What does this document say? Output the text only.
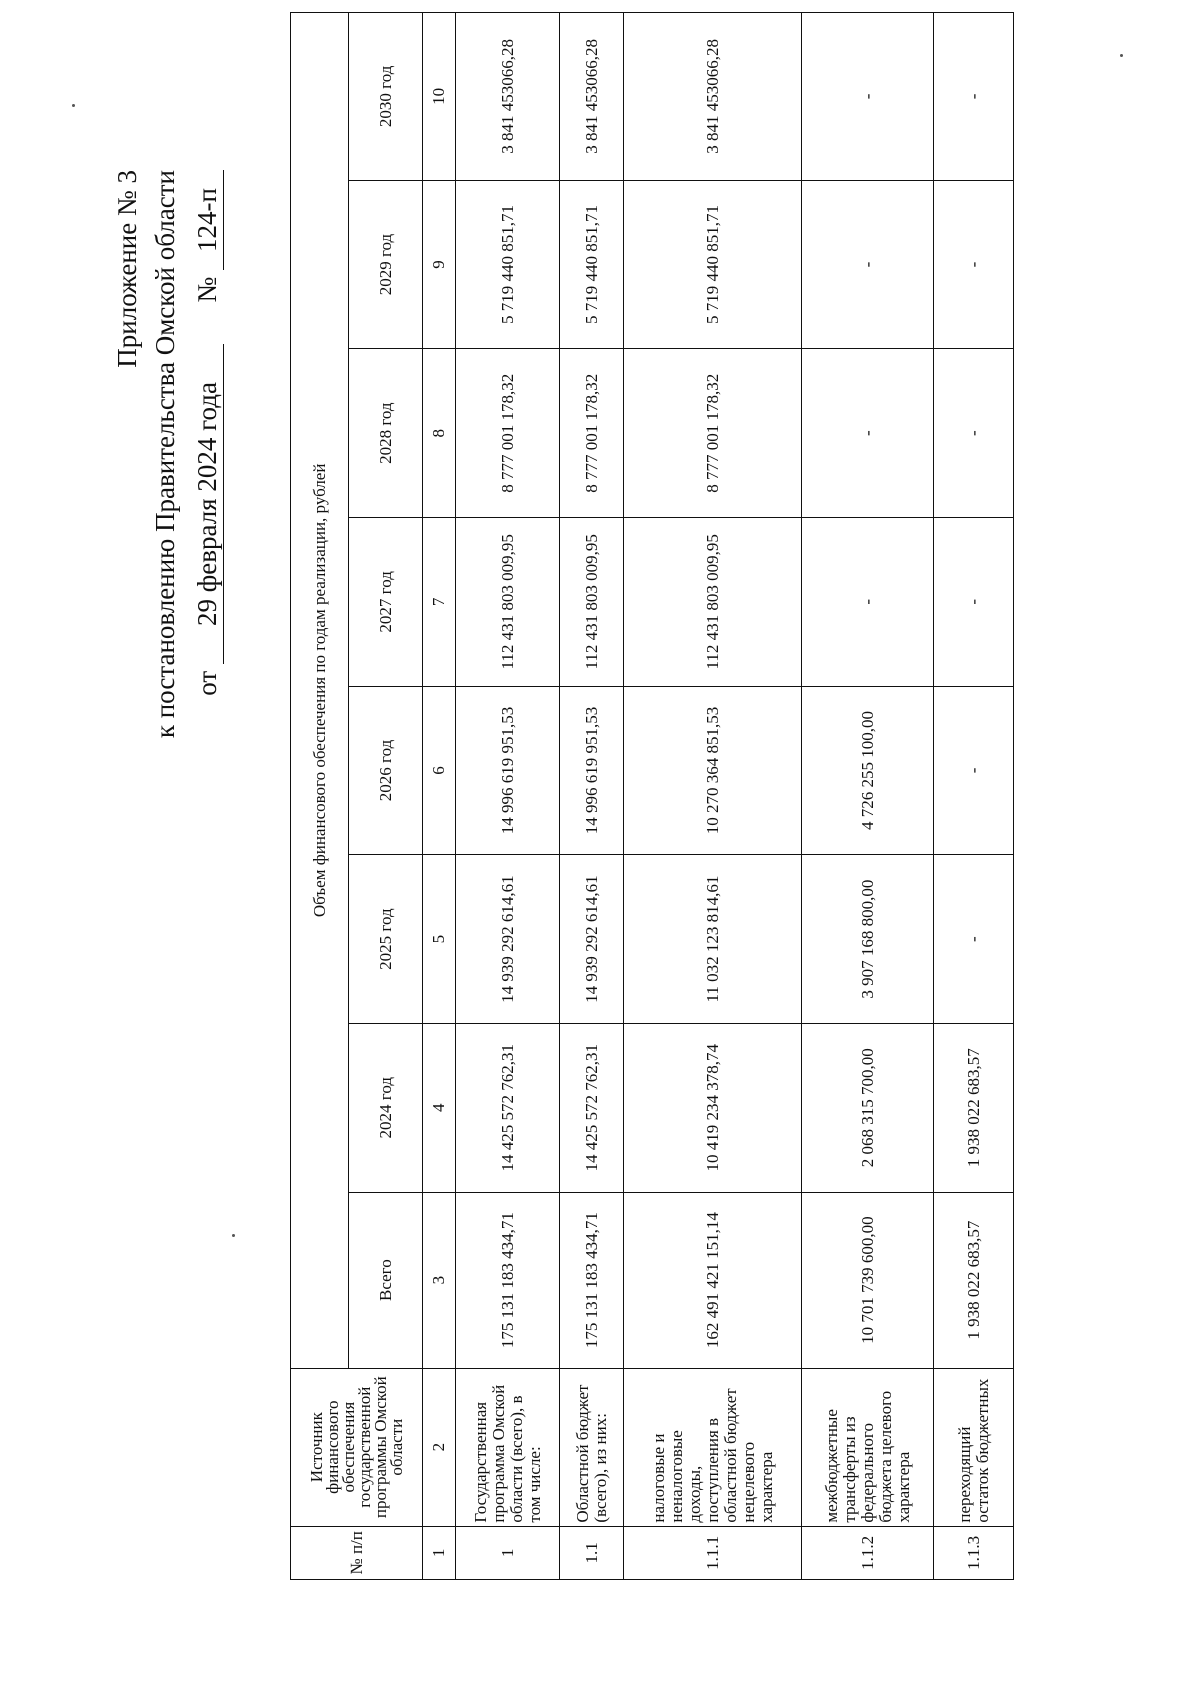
Приложение № 3 к постановлению Правительства Омской области от 29 февраля 2024 года  № 124-п
№ п/п	Источник финансового обеспечения государственной программы Омской области	Объем финансового обеспечения по годам реализации, рублей							
		Всего	2024 год	2025 год	2026 год	2027 год	2028 год	2029 год	2030 год
1	2	3	4	5	6	7	8	9	10
1	Государственная программа Омской области (всего), в том числе:	175 131 183 434,71	14 425 572 762,31	14 939 292 614,61	14 996 619 951,53	112 431 803 009,95	8 777 001 178,32	5 719 440 851,71	3 841 453066,28
1.1	Областной бюджет (всего), из них:	175 131 183 434,71	14 425 572 762,31	14 939 292 614,61	14 996 619 951,53	112 431 803 009,95	8 777 001 178,32	5 719 440 851,71	3 841 453066,28
1.1.1	налоговые и неналоговые доходы, поступления в областной бюджет нецелевого характера	162 491 421 151,14	10 419 234 378,74	11 032 123 814,61	10 270 364 851,53	112 431 803 009,95	8 777 001 178,32	5 719 440 851,71	3 841 453066,28
1.1.2	межбюджетные трансферты из федерального бюджета целевого характера	10 701 739 600,00	2 068 315 700,00	3 907 168 800,00	4 726 255 100,00	-	-	-	-
1.1.3	переходящий остаток бюджетных	1 938 022 683,57	1 938 022 683,57	-	-	-	-	-	-
